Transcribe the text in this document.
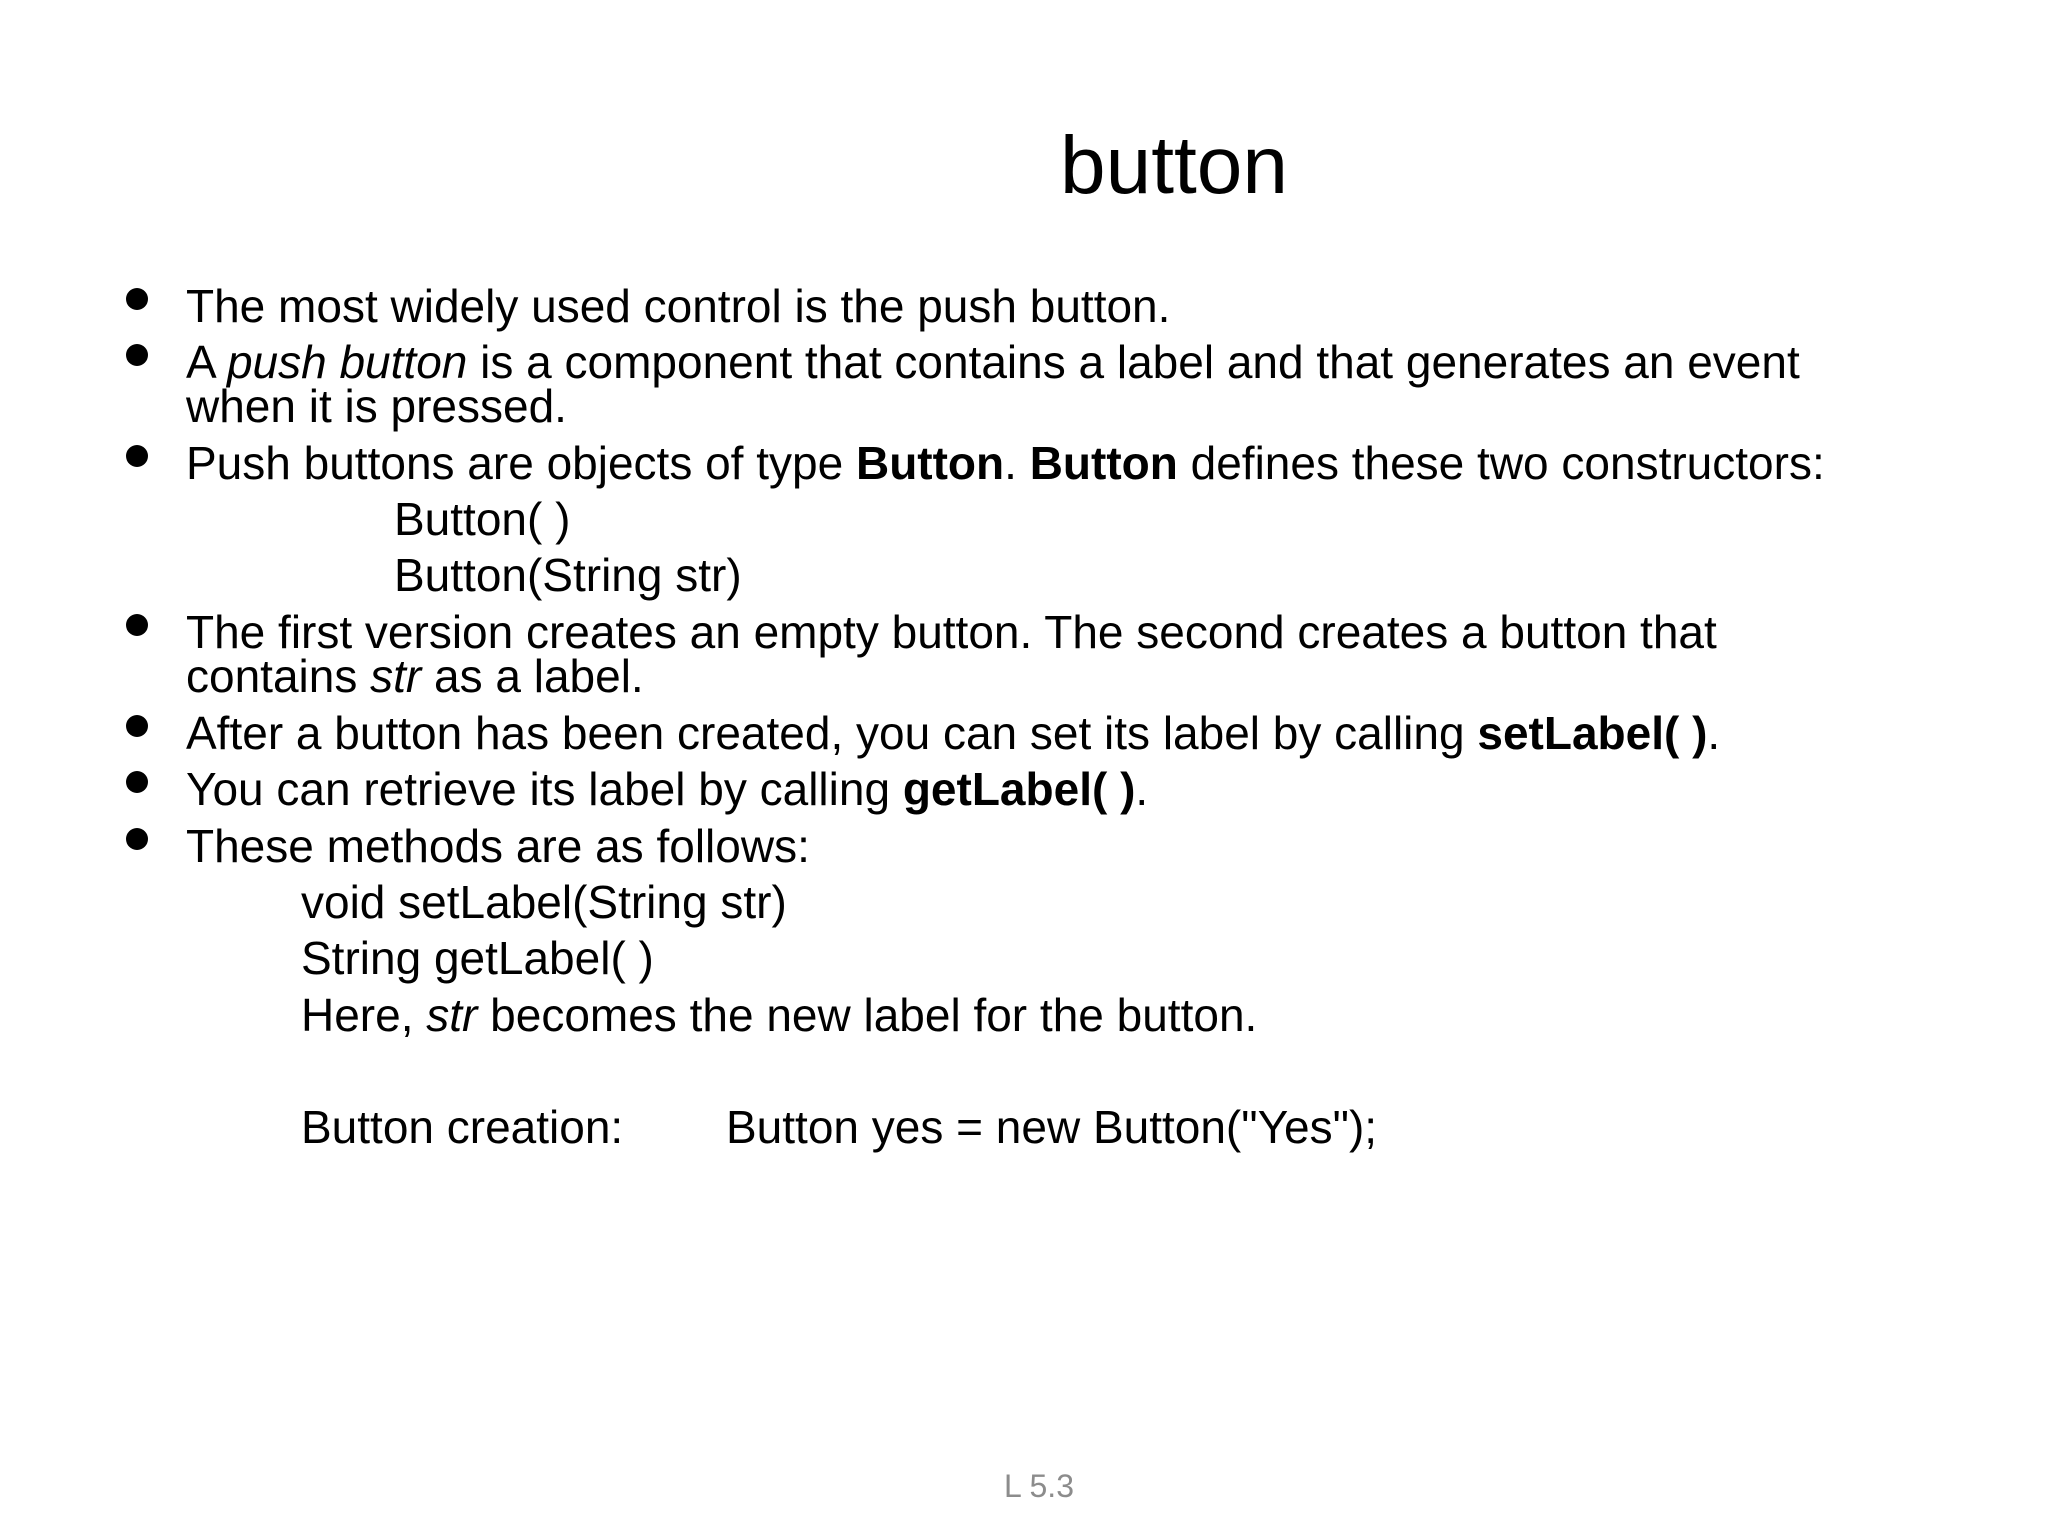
button
The most widely used control is the push button.
A push button is a component that contains a label and that generates an event
when it is pressed.
Push buttons are objects of type Button. Button defines these two constructors:
Button( )
Button(String str)
The first version creates an empty button. The second creates a button that
contains str as a label.
After a button has been created, you can set its label by calling setLabel( ).
You can retrieve its label by calling getLabel( ).
These methods are as follows:
void setLabel(String str)
String getLabel( )
Here, str becomes the new label for the button.
Button creation: Button yes = new Button("Yes");
L 5.3
